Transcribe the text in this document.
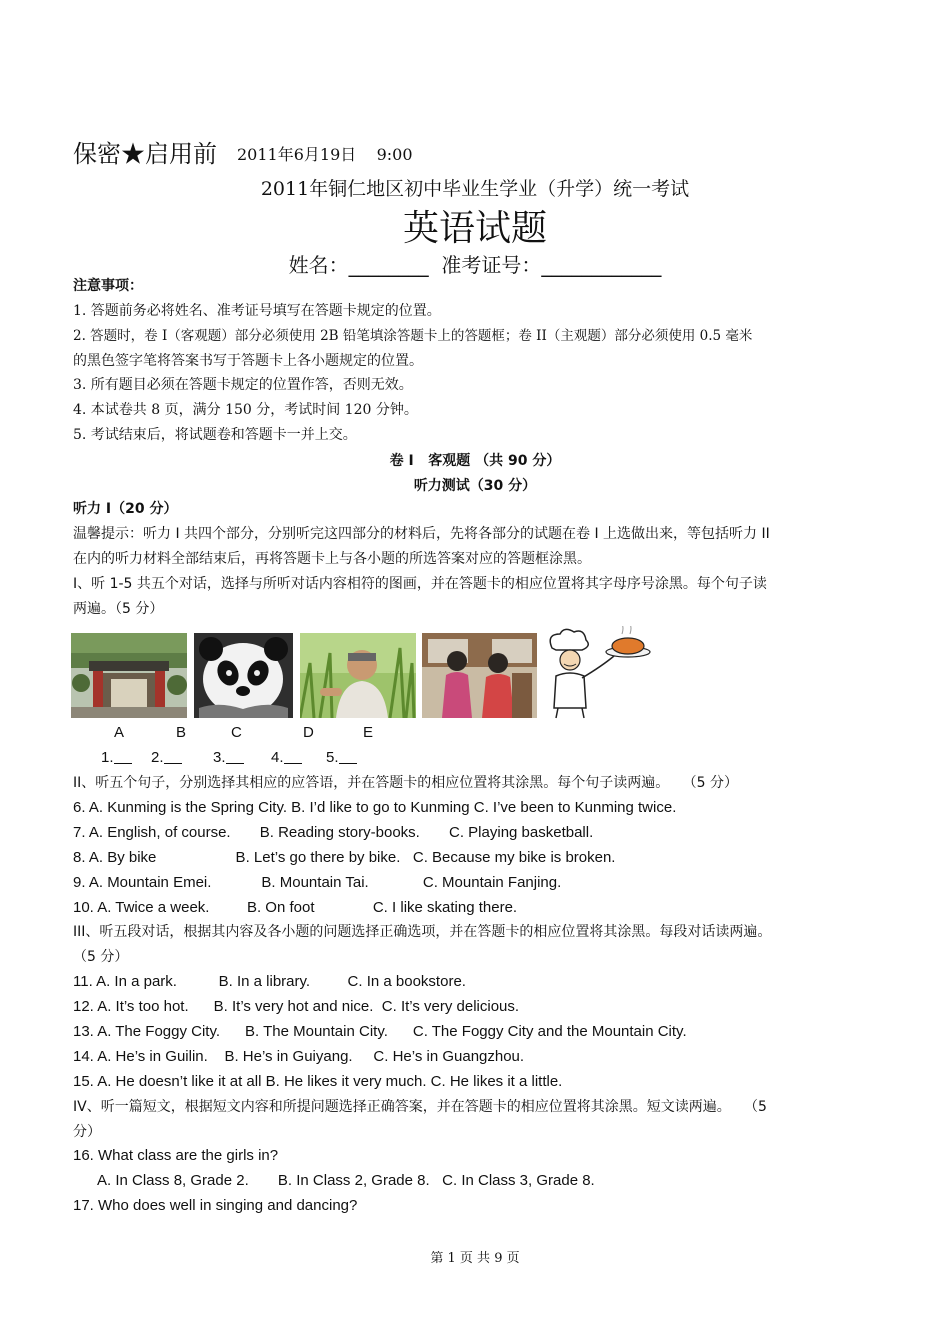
保密★启用前 2011年6月19日    9:00
2011年铜仁地区初中毕业生学业（升学）统一考试
英语试题
姓名：________ 准考证号：____________
注意事项：
1. 答题前务必将姓名、准考证号填写在答题卡规定的位置。
2. 答题时，卷 I（客观题）部分必须使用 2B 铅笔填涂答题卡上的答题框；卷 II（主观题）部分必须使用 0.5 毫米
的黑色签字笔将答案书写于答题卡上各小题规定的位置。
3. 所有题目必须在答题卡规定的位置作答，否则无效。
4. 本试卷共 8 页，满分 150 分，考试时间 120 分钟。
5. 考试结束后，将试题卷和答题卡一并上交。
卷 I   客观题 （共 90 分）
听力测试（30 分）
听力 I（20 分）
温馨提示：听力 I 共四个部分，分别听完这四部分的材料后，先将各部分的试题在卷 I 上选做出来，等包括听力 II
在内的听力材料全部结束后，再将答题卡上与各小题的所选答案对应的答题框涂黑。
I、听 1-5 共五个对话，选择与所听对话内容相符的图画，并在答题卡的相应位置将其字母序号涂黑。每个句子读
两遍。（5 分）
A	B	C	D	E
1.	2.	3.	4.	5.
II、听五个句子，分别选择其相应的应答语，并在答题卡的相应位置将其涂黑。每个句子读两遍。   （5 分）
6. A. Kunming is the Spring City. B. I’d like to go to Kunming C. I’ve been to Kunming twice.
7. A. English, of course.       B. Reading story-books.       C. Playing basketball.
8. A. By bike                   B. Let’s go there by bike.   C. Because my bike is broken.
9. A. Mountain Emei.            B. Mountain Tai.             C. Mountain Fanjing.
10. A. Twice a week.         B. On foot              C. I like skating there.
III、听五段对话，根据其内容及各小题的问题选择正确选项，并在答题卡的相应位置将其涂黑。每段对话读两遍。
（5 分）
11. A. In a park.          B. In a library.         C. In a bookstore.
12. A. It’s too hot.      B. It’s very hot and nice.  C. It’s very delicious.
13. A. The Foggy City.      B. The Mountain City.      C. The Foggy City and the Mountain City.
14. A. He’s in Guilin.    B. He’s in Guiyang.     C. He’s in Guangzhou.
15. A. He doesn’t like it at all B. He likes it very much. C. He likes it a little.
IV、听一篇短文，根据短文内容和所提问题选择正确答案，并在答题卡的相应位置将其涂黑。短文读两遍。   （5
分）
16. What class are the girls in?
A. In Class 8, Grade 2.       B. In Class 2, Grade 8.   C. In Class 3, Grade 8.
17. Who does well in singing and dancing?
第 1 页 共 9 页
